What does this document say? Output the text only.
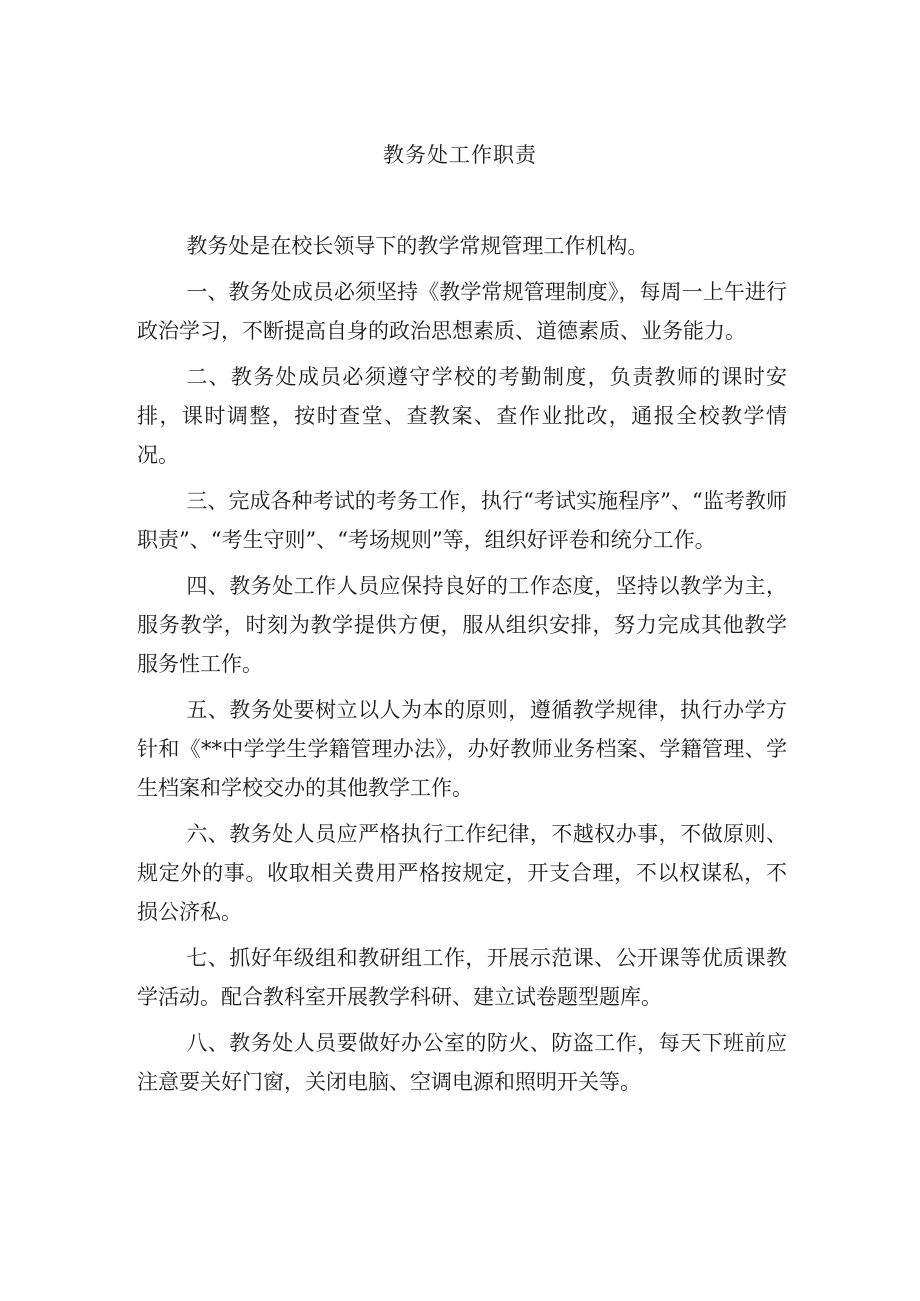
教务处工作职责

教务处是在校长领导下的教学常规管理工作机构。

一、教务处成员必须坚持《教学常规管理制度》，每周一上午进行政治学习，不断提高自身的政治思想素质、道德素质、业务能力。

二、教务处成员必须遵守学校的考勤制度，负责教师的课时安排，课时调整，按时查堂、查教案、查作业批改，通报全校教学情况。

三、完成各种考试的考务工作，执行“考试实施程序”、“监考教师职责”、“考生守则”、“考场规则”等，组织好评卷和统分工作。

四、教务处工作人员应保持良好的工作态度，坚持以教学为主，服务教学，时刻为教学提供方便，服从组织安排，努力完成其他教学服务性工作。

五、教务处要树立以人为本的原则，遵循教学规律，执行办学方针和《**中学学生学籍管理办法》，办好教师业务档案、学籍管理、学生档案和学校交办的其他教学工作。

六、教务处人员应严格执行工作纪律，不越权办事，不做原则、规定外的事。收取相关费用严格按规定，开支合理，不以权谋私，不损公济私。

七、抓好年级组和教研组工作，开展示范课、公开课等优质课教学活动。配合教科室开展教学科研、建立试卷题型题库。

八、教务处人员要做好办公室的防火、防盗工作，每天下班前应注意要关好门窗，关闭电脑、空调电源和照明开关等。
